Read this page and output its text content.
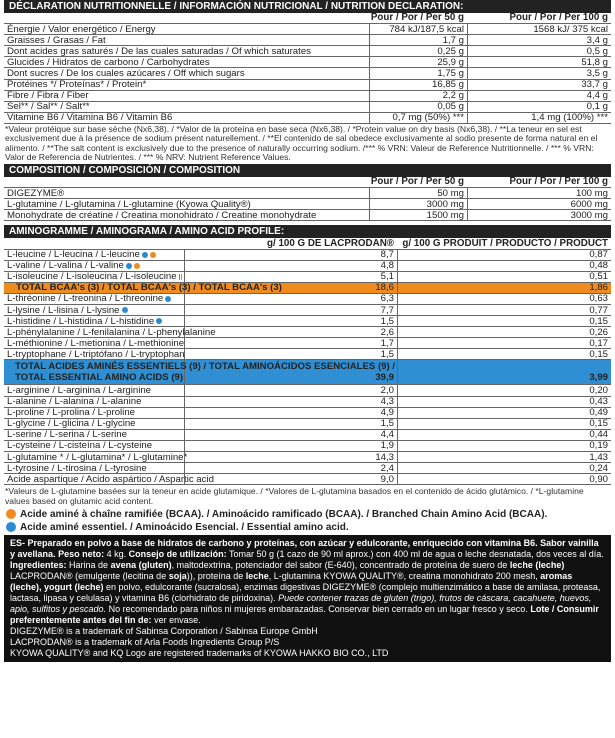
DÉCLARATION NUTRITIONNELLE / INFORMACIÓN NUTRICIONAL / NUTRITION DECLARATION:
Pour / Por / Per 50 g	Pour / Por / Per 100 g
Énergie / Valor energético / Energy	784 kJ/187,5 kcal	1568 kJ/ 375 kcal
Graisses / Grasas / Fat	1,7 g	3,4 g
Dont acides gras saturés / De las cuales saturadas / Of which saturates	0,25 g	0,5 g
Glucides / Hidratos de carbono / Carbohydrates	25,9 g	51,8 g
Dont sucres / De los cuales azúcares / Off which sugars	1,75 g	3,5 g
Protéines */ Proteínas* / Protein*	16,85 g	33,7 g
Fibre / Fibra / Fiber	2,2 g	4,4 g
Sel** / Sal** / Salt**	0,05 g	0,1 g
Vitamine B6 / Vitamina B6 / Vitamin B6	0,7 mg (50%) ***	1,4 mg (100%) ***

*Valeur protéique sur base sèche (Nx6,38). / *Valor de la proteína en base seca (Nx6,38). / *Protein value on dry basis (Nx6,38). / **La teneur en sel est exclusivement due à la présence de sodium présent naturellement. / **El contenido de sal obedece exclusivamente al sodio presente de forma natural en el alimento. / **The salt content is exclusively due to the presence of naturally occurring sodium. /*** % VRN: Valeur de Reference Nutritionnelle. / *** % VRN: Valor de Referencia de Nutrientes. / *** % NRV: Nutrient Reference Values.

COMPOSITION / COMPOSICIÓN / COMPOSITION
Pour / Por / Per 50 g	Pour / Por / Per 100 g
DIGEZYME®	50 mg	100 mg
L-glutamine / L-glutamina / L-glutamine (Kyowa Quality®)	3000 mg	6000 mg
Monohydrate de créatine / Creatina monohidrato / Creatine monohydrate	1500 mg	3000 mg
AMINOGRAMME / AMINOGRAMA / AMINO ACID PROFILE:
g/ 100 G DE LACPRODAN® g/ 100 G PRODUIT / PRODUCTO / PRODUCT
L-leucine / L-leucina / L-leucine	8,7	0,87
L-valine / L-valina / L-valine	4,8	0,48
L-isoleucine / L-isoleucina / L-isoleucine	5,1	0,51
TOTAL BCAA's (3) / TOTAL BCAA's (3) / TOTAL BCAA's (3)	18,6	1,86
L-thréonine / L-treonina / L-threonine	6,3	0,63
L-lysine / L-lisina / L-lysine	7,7	0,77
L-histidine / L-histidina / L-histidine	1,5	0,15
L-phénylalanine / L-fenilalanina / L-phenylalanine	2,6	0,26
L-méthionine / L-metionina / L-methionine	1,7	0,17
L-tryptophane / L-triptófano / L-tryptophan	1,5	0,15
TOTAL ACIDES AMINÉS ESSENTIELS (9) / TOTAL AMINOÁCIDOS ESENCIALES (9) /
TOTAL ESSENTIAL AMINO ACIDS (9)	39,9	3,99
L-arginine / L-arginina / L-arginine	2,0	0,20
L-alanine / L-alanina / L-alanine	4,3	0,43
L-proline / L-prolina / L-proline	4,9	0,49
L-glycine / L-glicina / L-glycine	1,5	0,15
L-serine / L-serina / L-serine	4,4	0,44
L-cysteine / L-cisteína / L-cysteine	1,9	0,19
L-glutamine * / L-glutamina* / L-glutamine*	14,3	1,43
L-tyrosine / L-tirosina / L-tyrosine	2,4	0,24
Acide aspartique / Acido aspártico / Aspartic acid	9,0	0,90

*Valeurs de L-glutamine basées sur la teneur en acide glutamique. / *Valores de L-glutamina basados en el contenido de ácido glutámico. / *L-glutamine values based on glutamic acid content.

Acide aminé à chaîne ramifiée (BCAA). / Aminoácido ramificado (BCAA). / Branched Chain Amino Acid (BCAA).
Acide aminé essentiel. / Aminoácido Esencial. / Essential amino acid.
ES- Preparado en polvo a base de hidratos de carbono y proteínas, con azúcar y edulcorante, enriquecido con vitamina B6. Sabor vainilla y avellana. Peso neto: 4 kg. Consejo de utilización: Tomar 50 g (1 cazo de 90 ml aprox.) con 400 ml de agua o leche desnatada, dos veces al día. Ingredientes: Harina de avena (gluten), maltodextrina, potenciador del sabor (E-640), concentrado de proteína de suero de leche (leche) LACPRODAN® (emulgente (lecitina de soja)), proteína de leche, L-glutamina KYOWA QUALITY®, creatina monohidrato 200 mesh, aromas (leche), yogurt (leche) en polvo, edulcorante (sucralosa), enzimas digestivas DIGEZYME® (complejo multienzimático a base de amilasa, proteasa, lactasa, lipasa y celulasa) y vitamina B6 (clorhidrato de piridoxina). Puede contener trazas de gluten (trigo), frutos de cáscara, cacahuete, huevos, apio, sulfitos y pescado. No recomendado para niños ni mujeres embarazadas. Conservar bien cerrado en un lugar fresco y seco. Lote / Consumir preferentemente antes del fin de: ver envase.
DIGEZYME® is a trademark of Sabinsa Corporation / Sabinsa Europe GmbH
LACPRODAN® is a trademark of Arla Foods Ingredients Group P/S
KYOWA QUALITY® and KQ Logo are registered trademarks of KYOWA HAKKO BIO CO., LTD
